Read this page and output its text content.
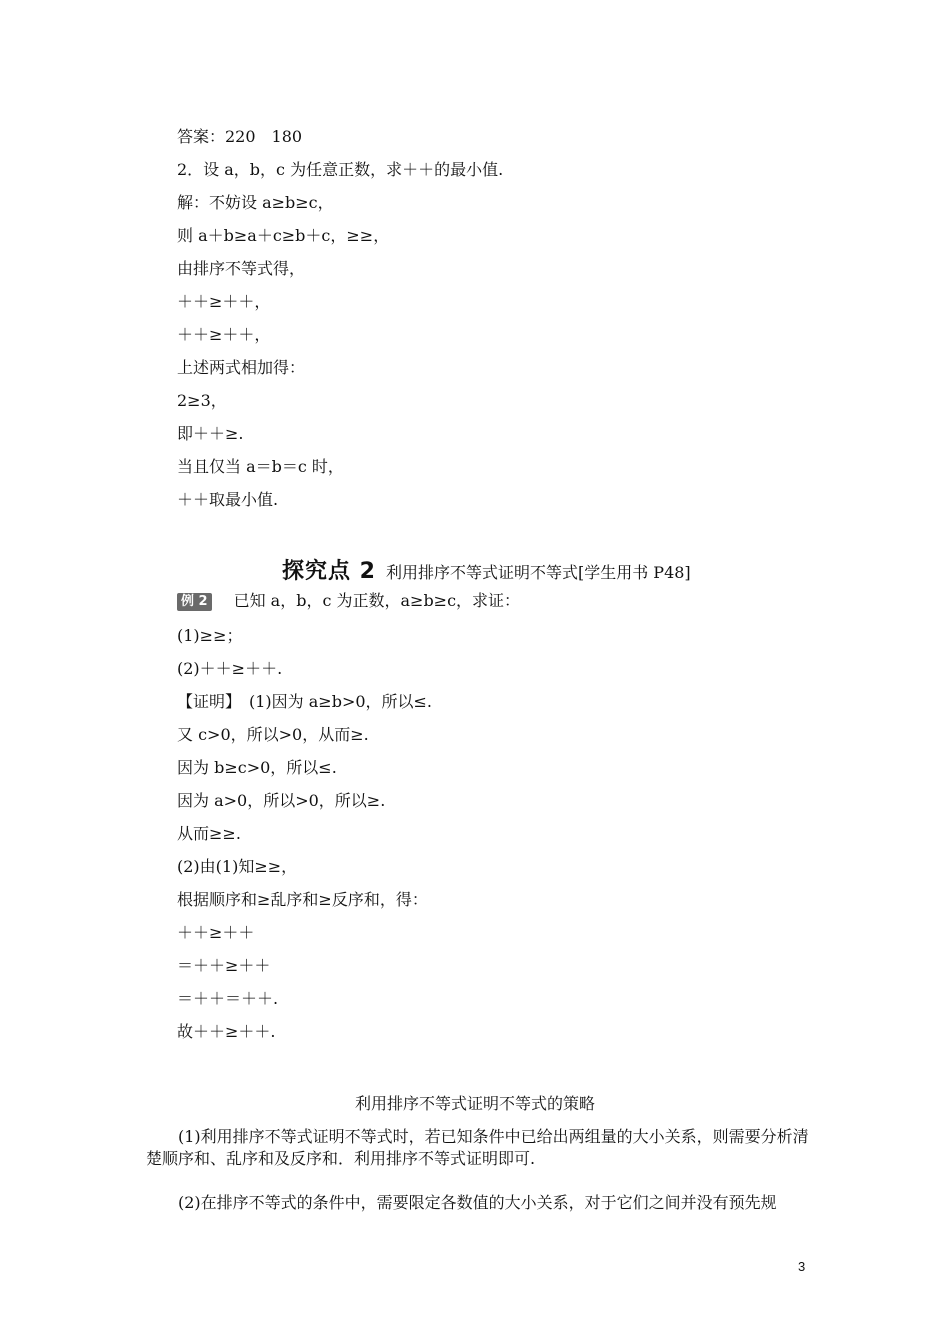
答案：220　180
2．设 a，b，c 为任意正数，求＋＋的最小值.
解：不妨设 a≥b≥c，
则 a＋b≥a＋c≥b＋c，≥≥，
由排序不等式得，
＋＋≥＋＋，
＋＋≥＋＋，
上述两式相加得：
2≥3，
即＋＋≥.
当且仅当 a＝b＝c 时，
＋＋取最小值.
探究点 2 利用排序不等式证明不等式[学生用书 P48]
例 2 已知 a，b，c 为正数，a≥b≥c，求证：
(1)≥≥；
(2)＋＋≥＋＋.
【证明】　(1)因为 a≥b>0，所以≤.
又 c>0，所以>0，从而≥.
因为 b≥c>0，所以≤.
因为 a>0，所以>0，所以≥.
从而≥≥.
(2)由(1)知≥≥，
根据顺序和≥乱序和≥反序和，得：
＋＋≥＋＋
＝＋＋≥＋＋
＝＋＋＝＋＋.
故＋＋≥＋＋.
利用排序不等式证明不等式的策略
(1)利用排序不等式证明不等式时，若已知条件中已给出两组量的大小关系，则需要分析清楚顺序和、乱序和及反序和．利用排序不等式证明即可.
(2)在排序不等式的条件中，需要限定各数值的大小关系，对于它们之间并没有预先规
3
